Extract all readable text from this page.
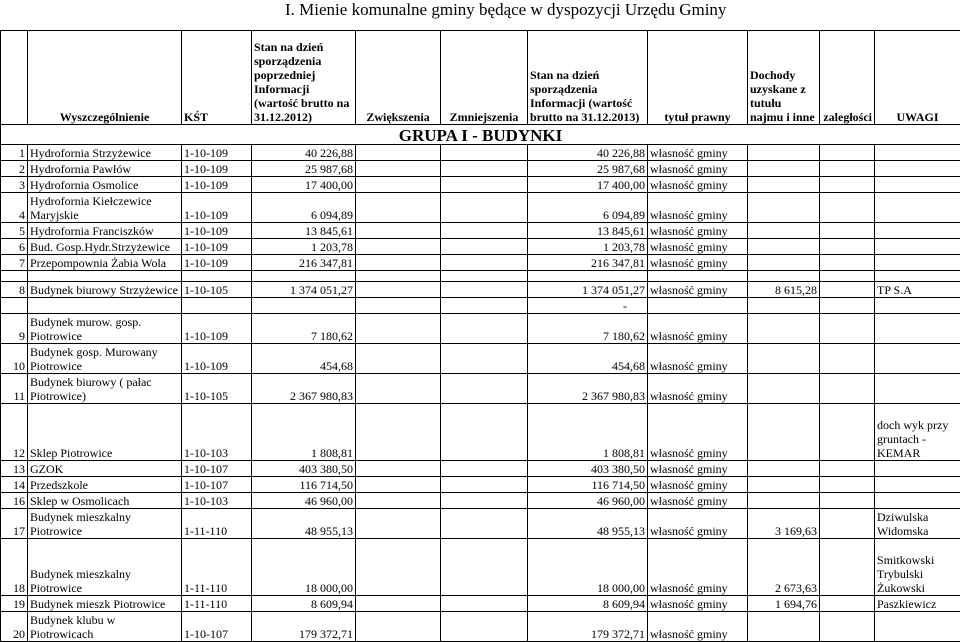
I. Mienie komunalne gminy będące w dyspozycji Urzędu Gminy
	Wyszczególnienie	KŚT	Stan na dzień sporządzenia poprzedniej Informacji (wartość brutto na 31.12.2012)	Zwiększenia	Zmniejszenia	Stan na dzień sporządzenia Informacji (wartość brutto na 31.12.2013)	tytuł prawny	Dochody uzyskane z tutułu najmu i inne	zaległości	UWAGI
GRUPA I - BUDYNKI										
1	Hydrofornia Strzyżewice	1-10-109	40 226,88			40 226,88	własność gminy			
2	Hydrofornia Pawłów	1-10-109	25 987,68			25 987,68	własność gminy			
3	Hydrofornia Osmolice	1-10-109	17 400,00			17 400,00	własność gminy			
4	Hydrofornia Kiełczewice Maryjskie	1-10-109	6 094,89			6 094,89	własność gminy			
5	Hydrofornia Franciszków	1-10-109	13 845,61			13 845,61	własność gminy			
6	Bud. Gosp.Hydr.Strzyżewice	1-10-109	1 203,78			1 203,78	własność gminy			
7	Przepompownia Żabia Wola	1-10-109	216 347,81			216 347,81	własność gminy			

8	Budynek biurowy Strzyżewice	1-10-105	1 374 051,27			1 374 051,27	własność gminy	8 615,28		TP S.A
						-				
9	Budynek murow. gosp. Piotrowice	1-10-109	7 180,62			7 180,62	własność gminy			
10	Budynek gosp. Murowany Piotrowice	1-10-109	454,68			454,68	własność gminy			
11	Budynek biurowy ( pałac Piotrowice)	1-10-105	2 367 980,83			2 367 980,83	własność gminy			
12	Sklep Piotrowice	1-10-103	1 808,81			1 808,81	własność gminy			doch wyk przy gruntach - KEMAR
13	GZOK	1-10-107	403 380,50			403 380,50	własność gminy			
14	Przedszkole	1-10-107	116 714,50			116 714,50	własność gminy			
16	Sklep w Osmolicach	1-10-103	46 960,00			46 960,00	własność gminy			
17	Budynek mieszkalny Piotrowice	1-11-110	48 955,13			48 955,13	własność gminy	3 169,63		Dziwulska Widomska
18	Budynek mieszkalny Piotrowice	1-11-110	18 000,00			18 000,00	własność gminy	2 673,63		Smitkowski Trybulski Żukowski
19	Budynek mieszk Piotrowice	1-11-110	8 609,94			8 609,94	własność gminy	1 694,76		Paszkiewicz
20	Budynek klubu w Piotrowicach	1-10-107	179 372,71			179 372,71	własność gminy			
